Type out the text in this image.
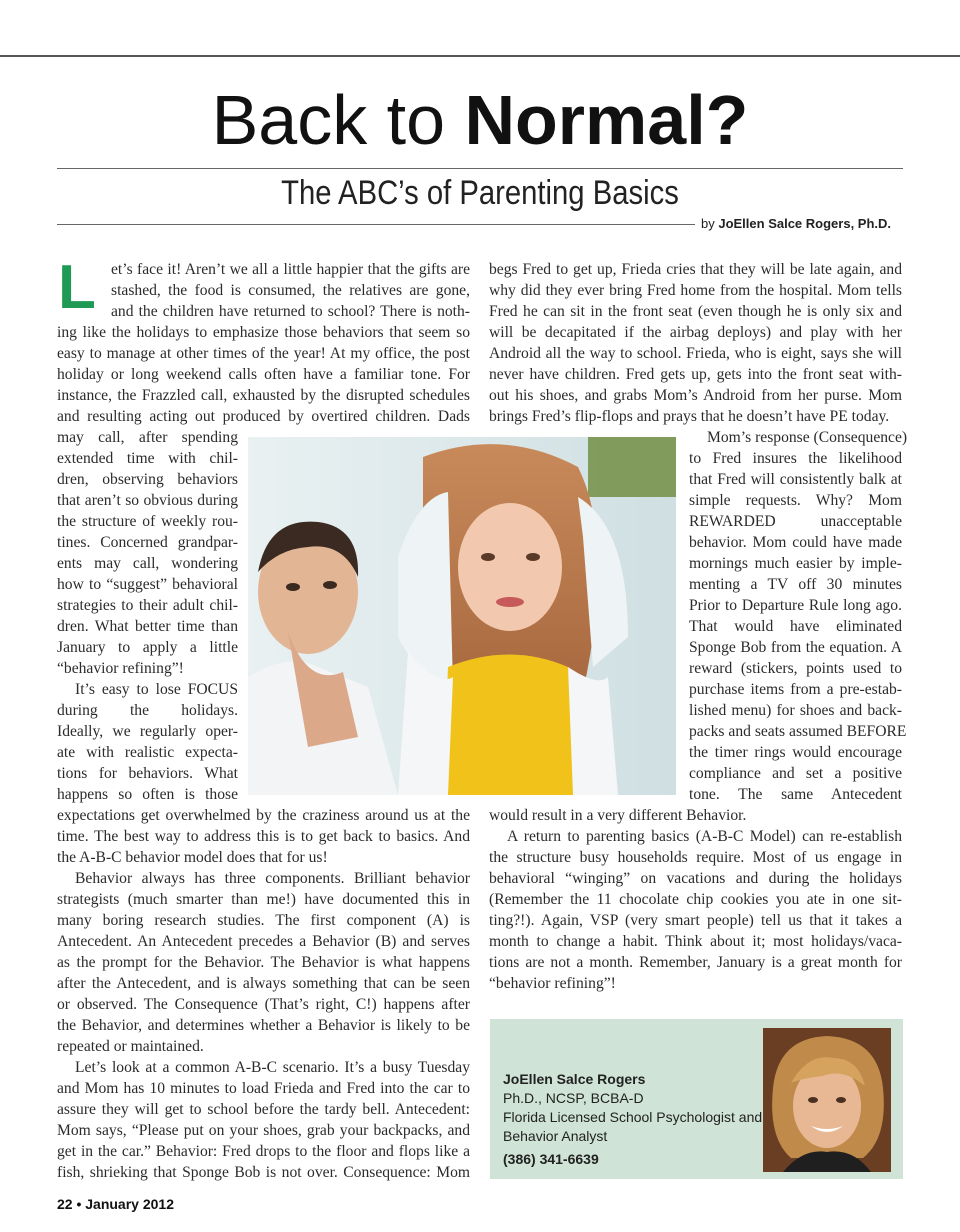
Back to Normal?
The ABC’s of Parenting Basics
by JoEllen Salce Rogers, Ph.D.
L et’s face it! Aren’t we all a little happier that the gifts are
stashed, the food is consumed, the relatives are gone,
and the children have returned to school? There is noth-
ing like the holidays to emphasize those behaviors that seem so
easy to manage at other times of the year! At my office, the post
holiday or long weekend calls often have a familiar tone. For
instance, the Frazzled call, exhausted by the disrupted schedules
and resulting acting out produced by overtired children. Dads
may call, after spending
extended time with chil-
dren, observing behaviors
that aren’t so obvious during
the structure of weekly rou-
tines. Concerned grandpar-
ents may call, wondering
how to “suggest” behavioral
strategies to their adult chil-
dren. What better time than
January to apply a little
“behavior refining”!
It’s easy to lose FOCUS
during the holidays.
Ideally, we regularly oper-
ate with realistic expecta-
tions for behaviors. What
happens so often is those
expectations get overwhelmed by the craziness around us at the
time. The best way to address this is to get back to basics. And
the A-B-C behavior model does that for us!
Behavior always has three components. Brilliant behavior
strategists (much smarter than me!) have documented this in
many boring research studies. The first component (A) is
Antecedent. An Antecedent precedes a Behavior (B) and serves
as the prompt for the Behavior. The Behavior is what happens
after the Antecedent, and is always something that can be seen
or observed. The Consequence (That’s right, C!) happens after
the Behavior, and determines whether a Behavior is likely to be
repeated or maintained.
Let’s look at a common A-B-C scenario. It’s a busy Tuesday
and Mom has 10 minutes to load Frieda and Fred into the car to
assure they will get to school before the tardy bell. Antecedent:
Mom says, “Please put on your shoes, grab your backpacks, and
get in the car.” Behavior: Fred drops to the floor and flops like a
fish, shrieking that Sponge Bob is not over. Consequence: Mom
begs Fred to get up, Frieda cries that they will be late again, and
why did they ever bring Fred home from the hospital. Mom tells
Fred he can sit in the front seat (even though he is only six and
will be decapitated if the airbag deploys) and play with her
Android all the way to school. Frieda, who is eight, says she will
never have children. Fred gets up, gets into the front seat with-
out his shoes, and grabs Mom’s Android from her purse. Mom
brings Fred’s flip-flops and prays that he doesn’t have PE today.
Mom’s response (Consequence)
to Fred insures the likelihood
that Fred will consistently balk at
simple requests. Why? Mom
REWARDED unacceptable
behavior. Mom could have made
mornings much easier by imple-
menting a TV off 30 minutes
Prior to Departure Rule long ago.
That would have eliminated
Sponge Bob from the equation. A
reward (stickers, points used to
purchase items from a pre-estab-
lished menu) for shoes and back-
packs and seats assumed BEFORE
the timer rings would encourage
compliance and set a positive
tone. The same Antecedent
would result in a very different Behavior.
A return to parenting basics (A-B-C Model) can re-establish
the structure busy households require. Most of us engage in
behavioral “winging” on vacations and during the holidays
(Remember the 11 chocolate chip cookies you ate in one sit-
ting?!). Again, VSP (very smart people) tell us that it takes a
month to change a habit. Think about it; most holidays/vaca-
tions are not a month. Remember, January is a great month for
“behavior refining”!
JoEllen Salce Rogers
Ph.D., NCSP, BCBA-D
Florida Licensed School Psychologist and
Behavior Analyst
(386) 341-6639
22 • January 2012
